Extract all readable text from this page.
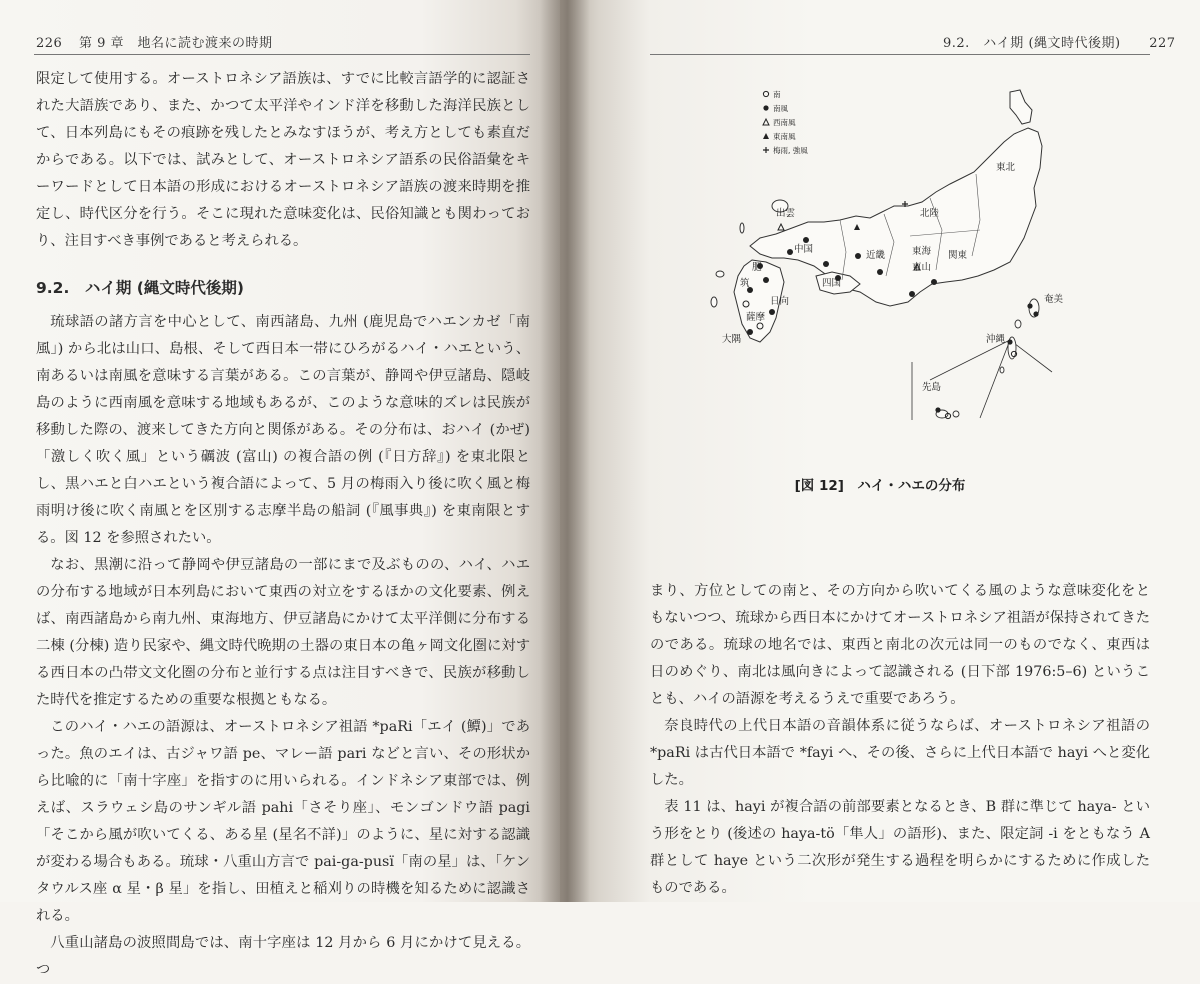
226 第 9 章　地名に読む渡来の時期

限定して使用する。オーストロネシア語族は、すでに比較言語学的に認証された大語族であり、また、かつて太平洋やインド洋を移動した海洋民族として、日本列島にもその痕跡を残したとみなすほうが、考え方としても素直だからである。以下では、試みとして、オーストロネシア語系の民俗語彙をキーワードとして日本語の形成におけるオーストロネシア語族の渡来時期を推定し、時代区分を行う。そこに現れた意味変化は、民俗知識とも関わっており、注目すべき事例であると考えられる。

9.2.　ハイ期 (縄文時代後期)

琉球語の諸方言を中心として、南西諸島、九州 (鹿児島でハエンカゼ「南風」) から北は山口、島根、そして西日本一帯にひろがるハイ・ハエという、南あるいは南風を意味する言葉がある。この言葉が、静岡や伊豆諸島、隠岐島のように西南風を意味する地域もあるが、このような意味的ズレは民族が移動した際の、渡来してきた方向と関係がある。その分布は、おハイ (かぜ)「激しく吹く風」という礪波 (富山) の複合語の例 (『日方辞』) を東北限とし、黒ハエと白ハエという複合語によって、5 月の梅雨入り後に吹く風と梅雨明け後に吹く南風とを区別する志摩半島の船詞 (『風事典』) を東南限とする。図 12 を参照されたい。

なお、黒潮に沿って静岡や伊豆諸島の一部にまで及ぶものの、ハイ、ハエの分布する地域が日本列島において東西の対立をするほかの文化要素、例えば、南西諸島から南九州、東海地方、伊豆諸島にかけて太平洋側に分布する二棟 (分棟) 造り民家や、縄文時代晩期の土器の東日本の亀ヶ岡文化圏に対する西日本の凸帯文文化圏の分布と並行する点は注目すべきで、民族が移動した時代を推定するための重要な根拠ともなる。

このハイ・ハエの語源は、オーストロネシア祖語 *paRi「エイ (鱏)」であった。魚のエイは、古ジャワ語 pe、マレー語 pari などと言い、その形状から比喩的に「南十字座」を指すのに用いられる。インドネシア東部では、例えば、スラウェシ島のサンギル語 pahi「さそり座」、モンゴンドウ語 pagi「そこから風が吹いてくる、ある星 (星名不詳)」のように、星に対する認識が変わる場合もある。琉球・八重山方言で pai-ga-pusï「南の星」は、「ケンタウルス座 α 星・β 星」を指し、田植えと稲刈りの時機を知るために認識される。

八重山諸島の波照間島では、南十字座は 12 月から 6 月にかけて見える。つ

9.2.　ハイ期 (縄文時代後期) 227
南
南風
西南風
東南風
梅雨, 強風
東北
北陸
関東
東海
東山
近畿
中国
四国
出雲
肥
筑
日向
薩摩
大隅
奄美
沖縄
先島
[図 12]　ハイ・ハエの分布

まり、方位としての南と、その方向から吹いてくる風のような意味変化をともないつつ、琉球から西日本にかけてオーストロネシア祖語が保持されてきたのである。琉球の地名では、東西と南北の次元は同一のものでなく、東西は日のめぐり、南北は風向きによって認識される (日下部 1976:5–6) ということも、ハイの語源を考えるうえで重要であろう。

奈良時代の上代日本語の音韻体系に従うならば、オーストロネシア祖語の *paRi は古代日本語で *fayi へ、その後、さらに上代日本語で hayi へと変化した。

表 11 は、hayi が複合語の前部要素となるとき、B 群に準じて haya- という形をとり (後述の haya-tö「隼人」の語形)、また、限定詞 -i をともなう A 群として haye という二次形が発生する過程を明らかにするために作成したものである。
